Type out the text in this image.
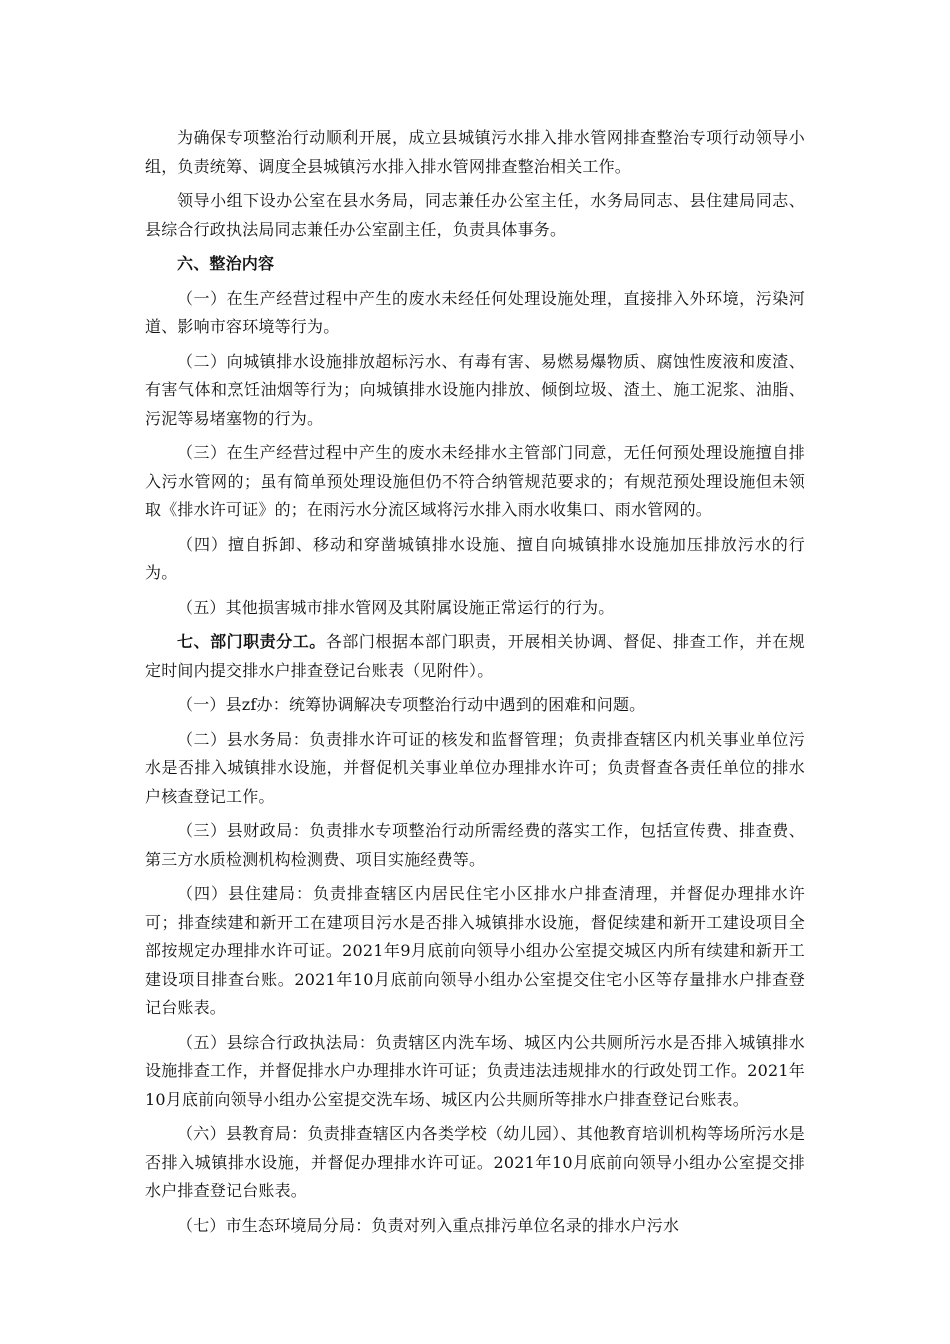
为确保专项整治行动顺利开展，成立县城镇污水排入排水管网排查整治专项行动领导小组，负责统筹、调度全县城镇污水排入排水管网排查整治相关工作。

领导小组下设办公室在县水务局，同志兼任办公室主任，水务局同志、县住建局同志、县综合行政执法局同志兼任办公室副主任，负责具体事务。

六、整治内容

（一）在生产经营过程中产生的废水未经任何处理设施处理，直接排入外环境，污染河道、影响市容环境等行为。

（二）向城镇排水设施排放超标污水、有毒有害、易燃易爆物质、腐蚀性废液和废渣、有害气体和烹饪油烟等行为；向城镇排水设施内排放、倾倒垃圾、渣土、施工泥浆、油脂、污泥等易堵塞物的行为。

（三）在生产经营过程中产生的废水未经排水主管部门同意，无任何预处理设施擅自排入污水管网的；虽有简单预处理设施但仍不符合纳管规范要求的；有规范预处理设施但未领取《排水许可证》的；在雨污水分流区域将污水排入雨水收集口、雨水管网的。

（四）擅自拆卸、移动和穿凿城镇排水设施、擅自向城镇排水设施加压排放污水的行为。

（五）其他损害城市排水管网及其附属设施正常运行的行为。

七、部门职责分工。各部门根据本部门职责，开展相关协调、督促、排查工作，并在规定时间内提交排水户排查登记台账表（见附件）。

（一）县zf办：统筹协调解决专项整治行动中遇到的困难和问题。

（二）县水务局：负责排水许可证的核发和监督管理；负责排查辖区内机关事业单位污水是否排入城镇排水设施，并督促机关事业单位办理排水许可；负责督查各责任单位的排水户核查登记工作。

（三）县财政局：负责排水专项整治行动所需经费的落实工作，包括宣传费、排查费、第三方水质检测机构检测费、项目实施经费等。

（四）县住建局：负责排查辖区内居民住宅小区排水户排查清理，并督促办理排水许可；排查续建和新开工在建项目污水是否排入城镇排水设施，督促续建和新开工建设项目全部按规定办理排水许可证。2021年9月底前向领导小组办公室提交城区内所有续建和新开工建设项目排查台账。2021年10月底前向领导小组办公室提交住宅小区等存量排水户排查登记台账表。

（五）县综合行政执法局：负责辖区内洗车场、城区内公共厕所污水是否排入城镇排水设施排查工作，并督促排水户办理排水许可证；负责违法违规排水的行政处罚工作。2021年10月底前向领导小组办公室提交洗车场、城区内公共厕所等排水户排查登记台账表。

（六）县教育局：负责排查辖区内各类学校（幼儿园）、其他教育培训机构等场所污水是否排入城镇排水设施，并督促办理排水许可证。2021年10月底前向领导小组办公室提交排水户排查登记台账表。

（七）市生态环境局分局：负责对列入重点排污单位名录的排水户污水
